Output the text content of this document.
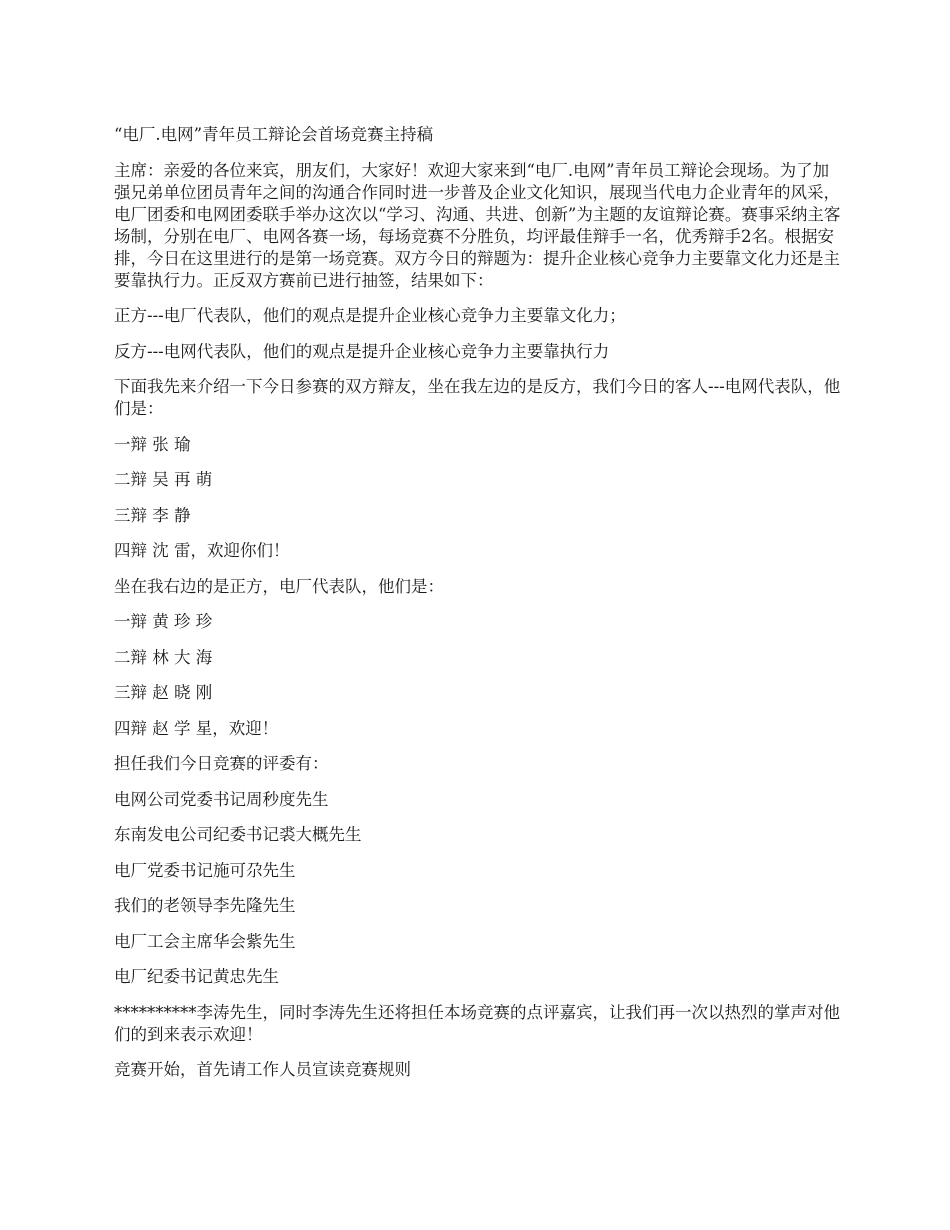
“电厂.电网”青年员工辩论会首场竞赛主持稿

主席：亲爱的各位来宾，朋友们，大家好！欢迎大家来到“电厂.电网”青年员工辩论会现场。为了加强兄弟单位团员青年之间的沟通合作同时进一步普及企业文化知识，展现当代电力企业青年的风采，电厂团委和电网团委联手举办这次以“学习、沟通、共进、创新”为主题的友谊辩论赛。赛事采纳主客场制，分别在电厂、电网各赛一场，每场竞赛不分胜负，均评最佳辩手一名，优秀辩手2名。根据安排，今日在这里进行的是第一场竞赛。双方今日的辩题为：提升企业核心竞争力主要靠文化力还是主要靠执行力。正反双方赛前已进行抽签，结果如下：

正方---电厂代表队，他们的观点是提升企业核心竞争力主要靠文化力；

反方---电网代表队，他们的观点是提升企业核心竞争力主要靠执行力

下面我先来介绍一下今日参赛的双方辩友，坐在我左边的是反方，我们今日的客人---电网代表队，他们是：

一辩 张 瑜

二辩 吴 再 萌

三辩 李 静

四辩 沈 雷，欢迎你们！

坐在我右边的是正方，电厂代表队，他们是：

一辩 黄 珍 珍

二辩 林 大 海

三辩 赵 晓 刚

四辩 赵 学 星，欢迎！

担任我们今日竞赛的评委有：

电网公司党委书记周秒度先生

东南发电公司纪委书记裘大概先生

电厂党委书记施可尕先生

我们的老领导李先隆先生

电厂工会主席华会紫先生

电厂纪委书记黄忠先生

**********李涛先生，同时李涛先生还将担任本场竞赛的点评嘉宾，让我们再一次以热烈的掌声对他们的到来表示欢迎！

竞赛开始，首先请工作人员宣读竞赛规则
